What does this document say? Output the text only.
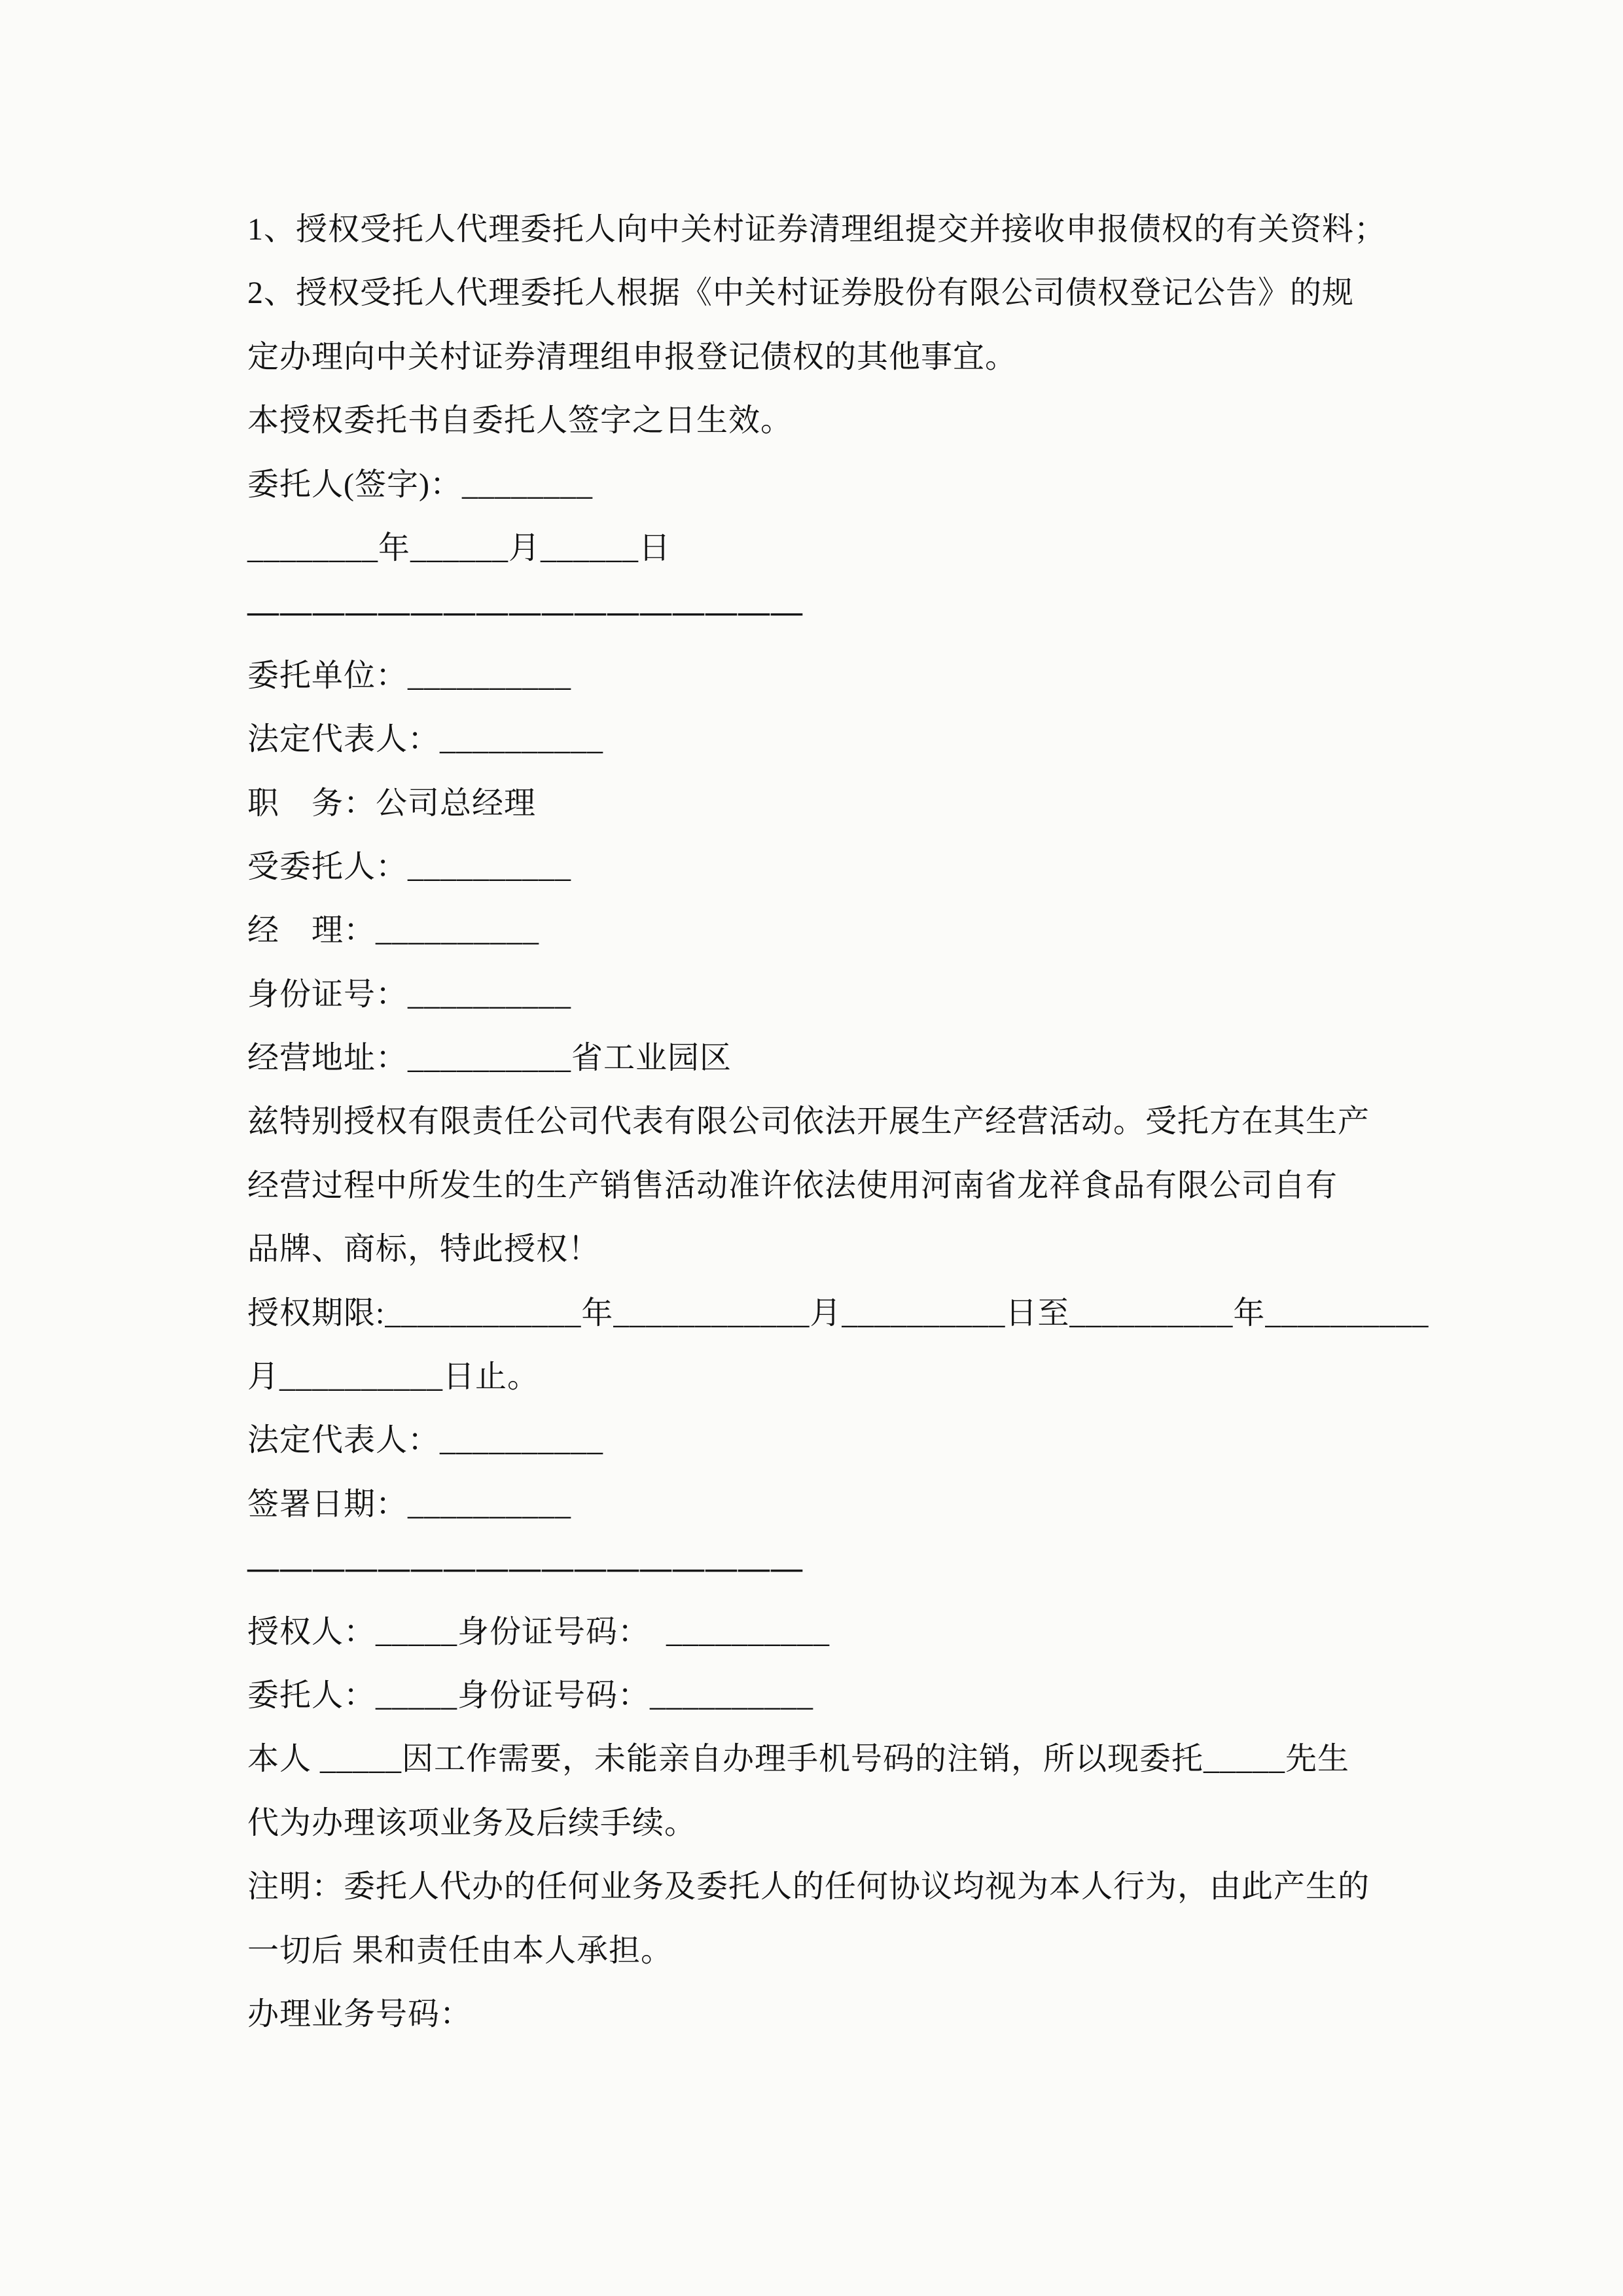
1、授权受托人代理委托人向中关村证券清理组提交并接收申报债权的有关资料；
2、授权受托人代理委托人根据《中关村证券股份有限公司债权登记公告》的规
定办理向中关村证券清理组申报登记债权的其他事宜。
本授权委托书自委托人签字之日生效。
委托人(签字)：________
________年______月______日
—————————————————
委托单位：__________
法定代表人：__________
职　务：公司总经理
受委托人：__________
经　理：__________
身份证号：__________
经营地址：__________省工业园区
兹特别授权有限责任公司代表有限公司依法开展生产经营活动。受托方在其生产
经营过程中所发生的生产销售活动准许依法使用河南省龙祥食品有限公司自有
品牌、商标，特此授权！
授权期限:____________年____________月__________日至__________年__________
月__________日止。
法定代表人：__________
签署日期：__________
—————————————————
授权人：_____身份证号码：　__________
委托人：_____身份证号码：__________
本人 _____因工作需要，未能亲自办理手机号码的注销，所以现委托_____先生
代为办理该项业务及后续手续。
注明：委托人代办的任何业务及委托人的任何协议均视为本人行为，由此产生的
一切后 果和责任由本人承担。
办理业务号码：
